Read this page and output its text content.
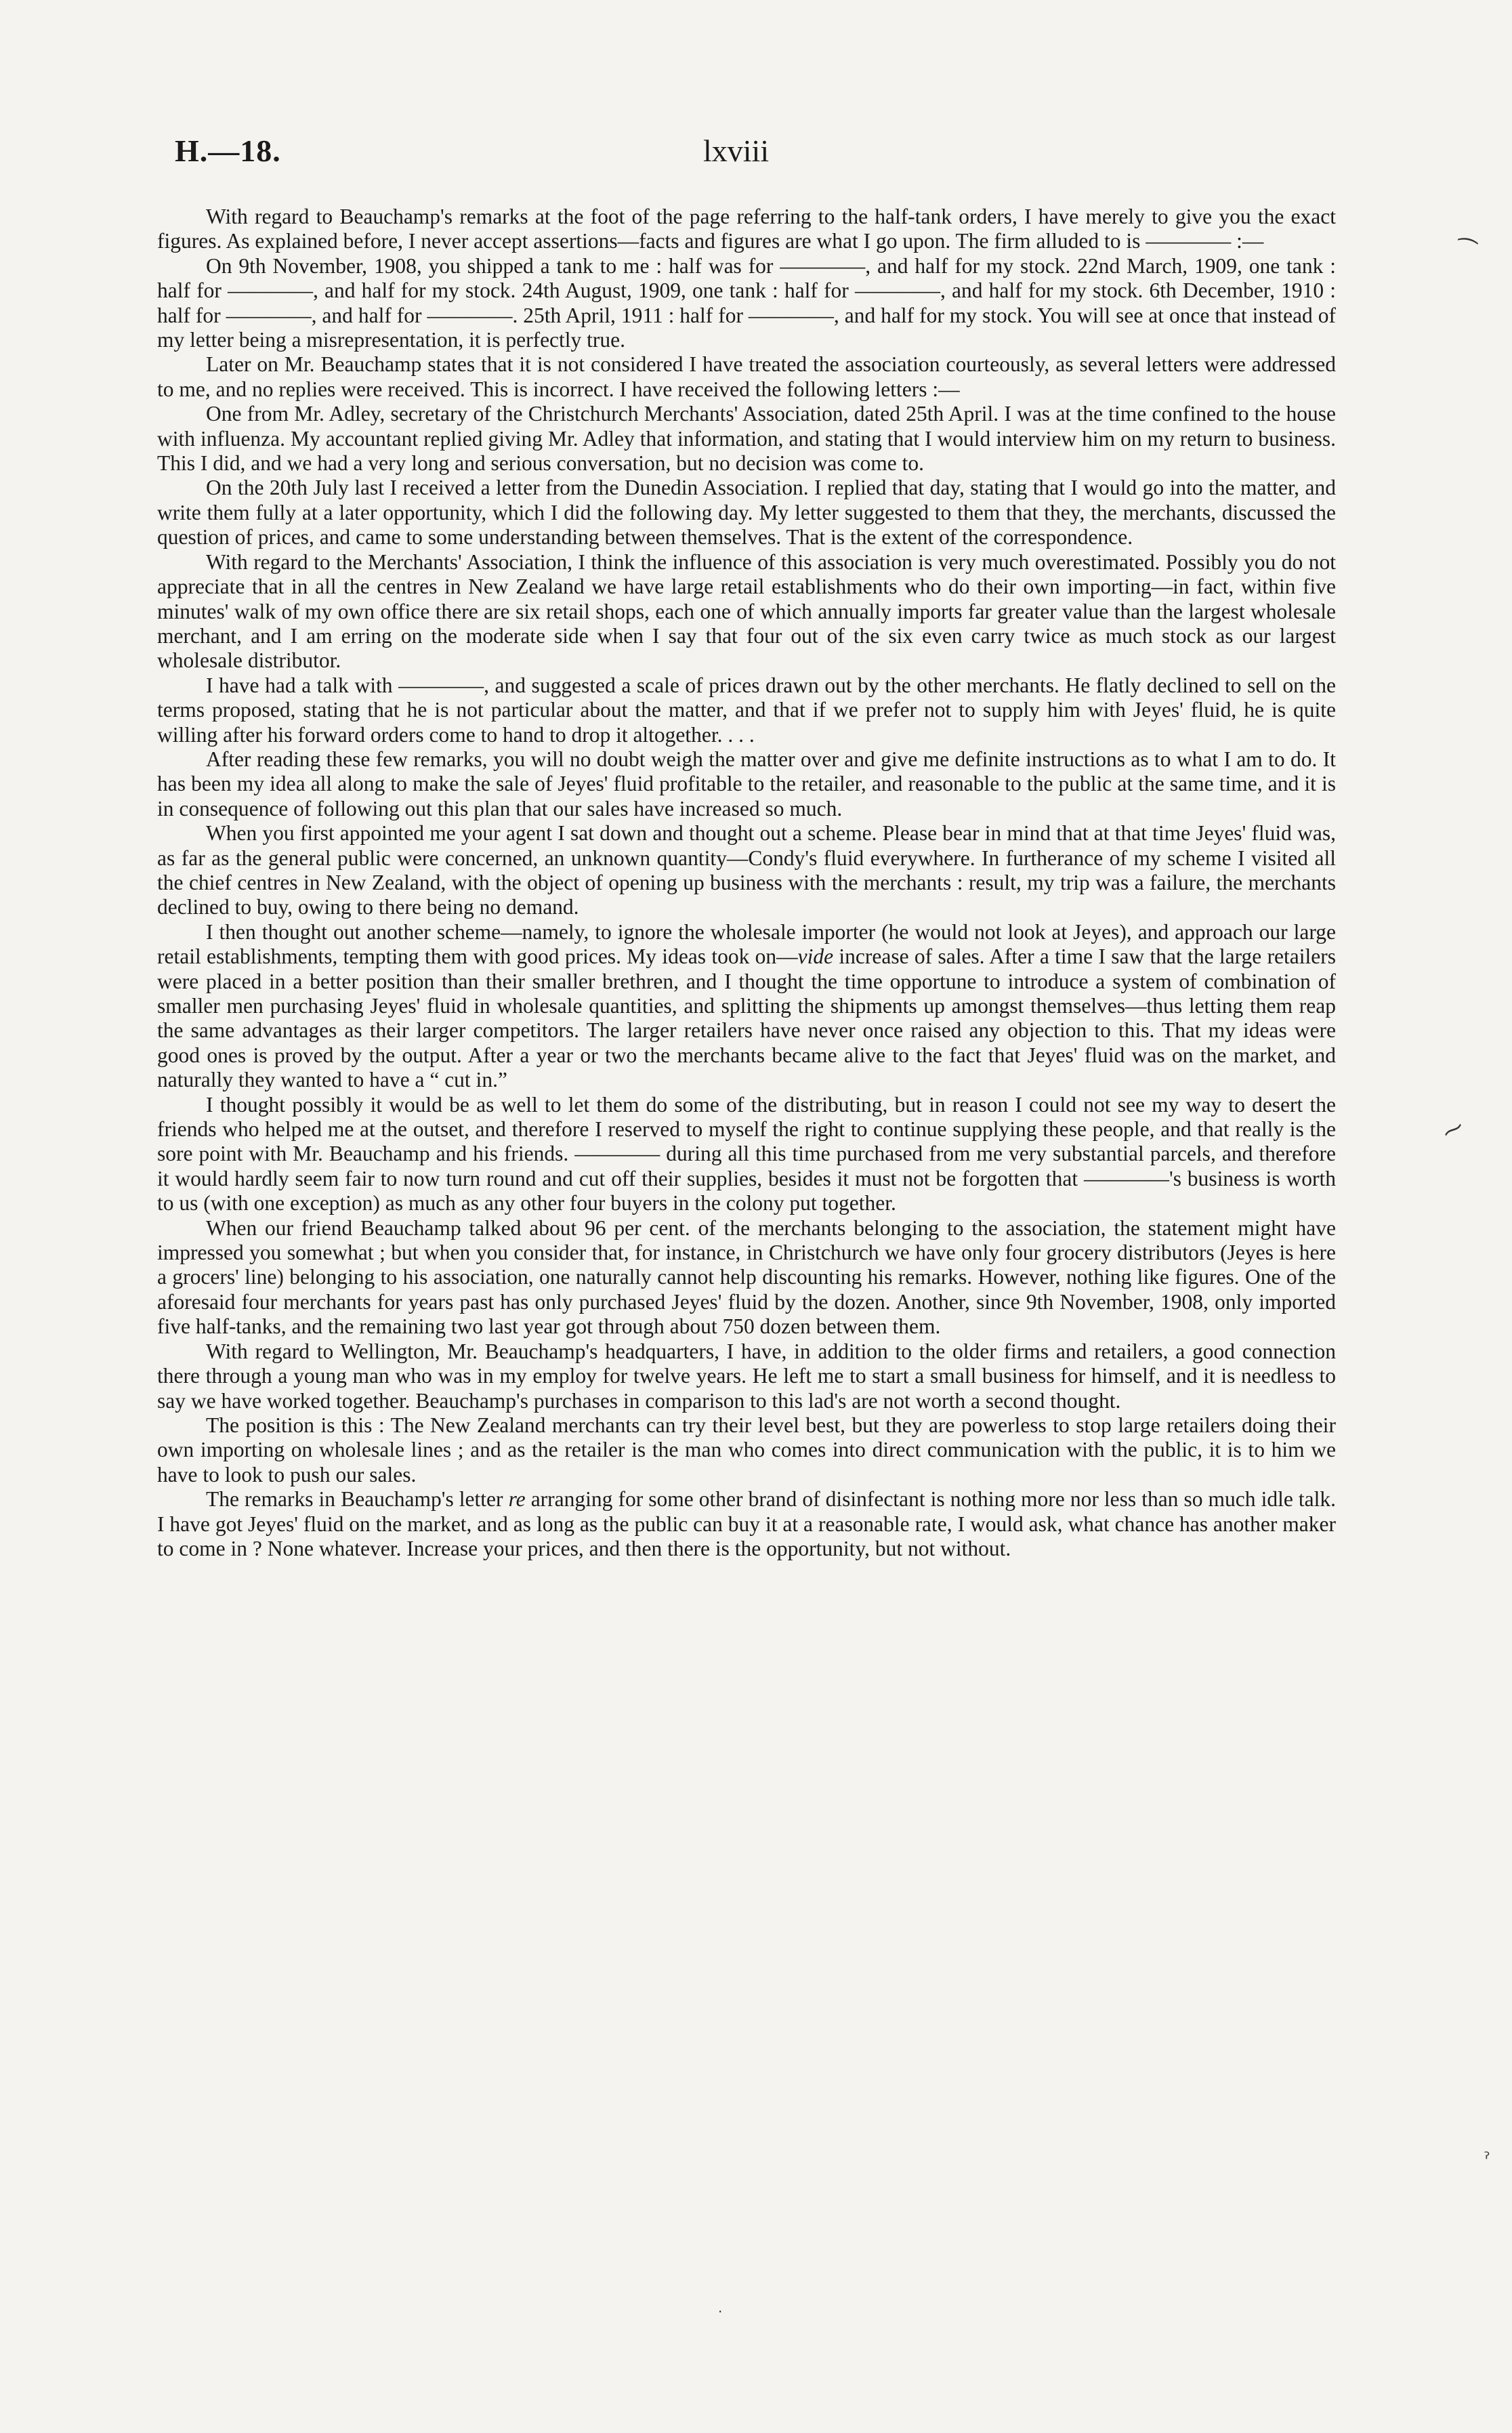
H.—18.	lxviii

With regard to Beauchamp's remarks at the foot of the page referring to the half-tank orders, I have merely to give you the exact figures. As explained before, I never accept assertions—facts and figures are what I go upon. The firm alluded to is ———— :—

On 9th November, 1908, you shipped a tank to me : half was for ————, and half for my stock. 22nd March, 1909, one tank : half for ————, and half for my stock. 24th August, 1909, one tank : half for ————, and half for my stock. 6th December, 1910 : half for ————, and half for ————. 25th April, 1911 : half for ————, and half for my stock. You will see at once that instead of my letter being a misrepresentation, it is perfectly true.

Later on Mr. Beauchamp states that it is not considered I have treated the association courteously, as several letters were addressed to me, and no replies were received. This is incorrect. I have received the following letters :—

One from Mr. Adley, secretary of the Christchurch Merchants' Association, dated 25th April. I was at the time confined to the house with influenza. My accountant replied giving Mr. Adley that information, and stating that I would interview him on my return to business. This I did, and we had a very long and serious conversation, but no decision was come to.

On the 20th July last I received a letter from the Dunedin Association. I replied that day, stating that I would go into the matter, and write them fully at a later opportunity, which I did the following day. My letter suggested to them that they, the merchants, discussed the question of prices, and came to some understanding between themselves. That is the extent of the correspondence.

With regard to the Merchants' Association, I think the influence of this association is very much overestimated. Possibly you do not appreciate that in all the centres in New Zealand we have large retail establishments who do their own importing—in fact, within five minutes' walk of my own office there are six retail shops, each one of which annually imports far greater value than the largest wholesale merchant, and I am erring on the moderate side when I say that four out of the six even carry twice as much stock as our largest wholesale distributor.

I have had a talk with ————, and suggested a scale of prices drawn out by the other merchants. He flatly declined to sell on the terms proposed, stating that he is not particular about the matter, and that if we prefer not to supply him with Jeyes' fluid, he is quite willing after his forward orders come to hand to drop it altogether. . . .

After reading these few remarks, you will no doubt weigh the matter over and give me definite instructions as to what I am to do. It has been my idea all along to make the sale of Jeyes' fluid profitable to the retailer, and reasonable to the public at the same time, and it is in consequence of following out this plan that our sales have increased so much.

When you first appointed me your agent I sat down and thought out a scheme. Please bear in mind that at that time Jeyes' fluid was, as far as the general public were concerned, an unknown quantity—Condy's fluid everywhere. In furtherance of my scheme I visited all the chief centres in New Zealand, with the object of opening up business with the merchants : result, my trip was a failure, the merchants declined to buy, owing to there being no demand.

I then thought out another scheme—namely, to ignore the wholesale importer (he would not look at Jeyes), and approach our large retail establishments, tempting them with good prices. My ideas took on—vide increase of sales. After a time I saw that the large retailers were placed in a better position than their smaller brethren, and I thought the time opportune to introduce a system of combination of smaller men purchasing Jeyes' fluid in wholesale quantities, and splitting the shipments up amongst themselves—thus letting them reap the same advantages as their larger competitors. The larger retailers have never once raised any objection to this. That my ideas were good ones is proved by the output. After a year or two the merchants became alive to the fact that Jeyes' fluid was on the market, and naturally they wanted to have a “ cut in.”

I thought possibly it would be as well to let them do some of the distributing, but in reason I could not see my way to desert the friends who helped me at the outset, and therefore I reserved to myself the right to continue supplying these people, and that really is the sore point with Mr. Beauchamp and his friends. ———— during all this time purchased from me very substantial parcels, and therefore it would hardly seem fair to now turn round and cut off their supplies, besides it must not be forgotten that ————'s business is worth to us (with one exception) as much as any other four buyers in the colony put together.

When our friend Beauchamp talked about 96 per cent. of the merchants belonging to the association, the statement might have impressed you somewhat ; but when you consider that, for instance, in Christchurch we have only four grocery distributors (Jeyes is here a grocers' line) belonging to his association, one naturally cannot help discounting his remarks. However, nothing like figures. One of the aforesaid four merchants for years past has only purchased Jeyes' fluid by the dozen. Another, since 9th November, 1908, only imported five half-tanks, and the remaining two last year got through about 750 dozen between them.

With regard to Wellington, Mr. Beauchamp's headquarters, I have, in addition to the older firms and retailers, a good connection there through a young man who was in my employ for twelve years. He left me to start a small business for himself, and it is needless to say we have worked together. Beauchamp's purchases in comparison to this lad's are not worth a second thought.

The position is this : The New Zealand merchants can try their level best, but they are powerless to stop large retailers doing their own importing on wholesale lines ; and as the retailer is the man who comes into direct communication with the public, it is to him we have to look to push our sales.

The remarks in Beauchamp's letter re arranging for some other brand of disinfectant is nothing more nor less than so much idle talk. I have got Jeyes' fluid on the market, and as long as the public can buy it at a reasonable rate, I would ask, what chance has another maker to come in ? None whatever. Increase your prices, and then there is the opportunity, but not without.

⁀
⁓
ˀ
·
